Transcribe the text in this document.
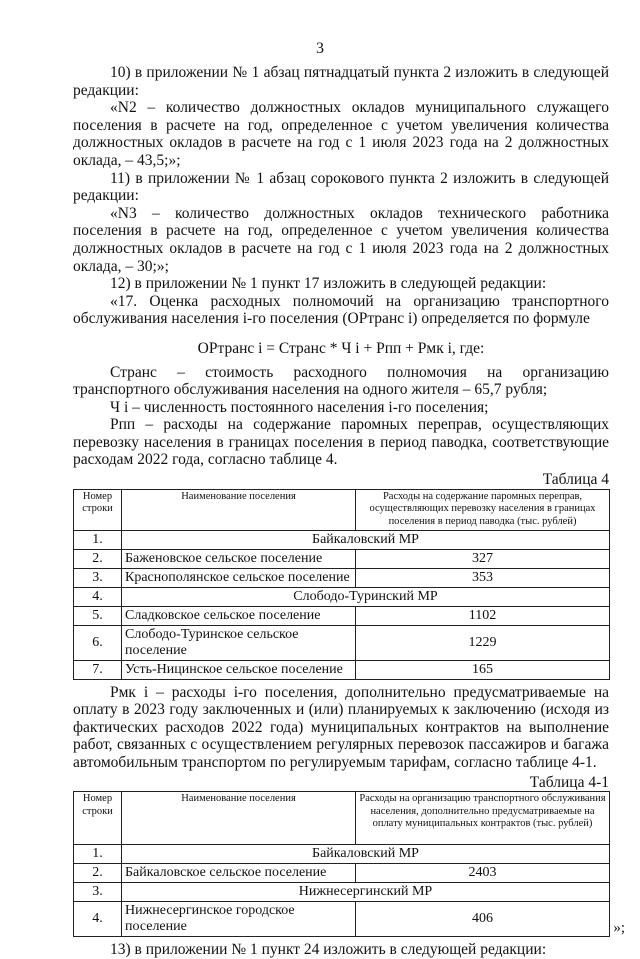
3

10) в приложении № 1 абзац пятнадцатый пункта 2 изложить в следующей редакции:

«N2 – количество должностных окладов муниципального служащего поселения в расчете на год, определенное с учетом увеличения количества должностных окладов в расчете на год с 1 июля 2023 года на 2 должностных оклада, – 43,5;»;

11) в приложении № 1 абзац сорокового пункта 2 изложить в следующей редакции:

«N3 – количество должностных окладов технического работника поселения в расчете на год, определенное с учетом увеличения количества должностных окладов в расчете на год с 1 июля 2023 года на 2 должностных оклада, – 30;»;

12) в приложении № 1 пункт 17 изложить в следующей редакции:

«17. Оценка расходных полномочий на организацию транспортного обслуживания населения i-го поселения (ОРтранс i) определяется по формуле

ОРтранс i = Странс * Ч i + Рпп + Рмк i, где:

Странс – стоимость расходного полномочия на организацию транспортного обслуживания населения на одного жителя – 65,7 рубля;

Ч i – численность постоянного населения i-го поселения;

Рпп – расходы на содержание паромных переправ, осуществляющих перевозку населения в границах поселения в период паводка, соответствующие расходам 2022 года, согласно таблице 4.

Таблица 4
Номер строки	Наименование поселения	Расходы на содержание паромных переправ, осуществляющих перевозку населения в границах поселения в период паводка (тыс. рублей)
1.	Байкаловский МР	
2.	Баженовское сельское поселение	327
3.	Краснополянское сельское поселение	353
4.	Слободо-Туринский МР	
5.	Сладковское сельское поселение	1102
6.	Слободо-Туринское сельское поселение	1229
7.	Усть-Ницинское сельское поселение	165

Рмк i – расходы i-го поселения, дополнительно предусматриваемые на оплату в 2023 году заключенных и (или) планируемых к заключению (исходя из фактических расходов 2022 года) муниципальных контрактов на выполнение работ, связанных с осуществлением регулярных перевозок пассажиров и багажа автомобильным транспортом по регулируемым тарифам, согласно таблице 4-1.

Таблица 4-1
Номер строки	Наименование поселения	Расходы на организацию транспортного обслуживания населения, дополнительно предусматриваемые на оплату муниципальных контрактов (тыс. рублей)
1.	Байкаловский МР	
2.	Байкаловское сельское поселение	2403
3.	Нижнесергинский МР	
4.	Нижнесергинское городское поселение	406
»;

13) в приложении № 1 пункт 24 изложить в следующей редакции:
